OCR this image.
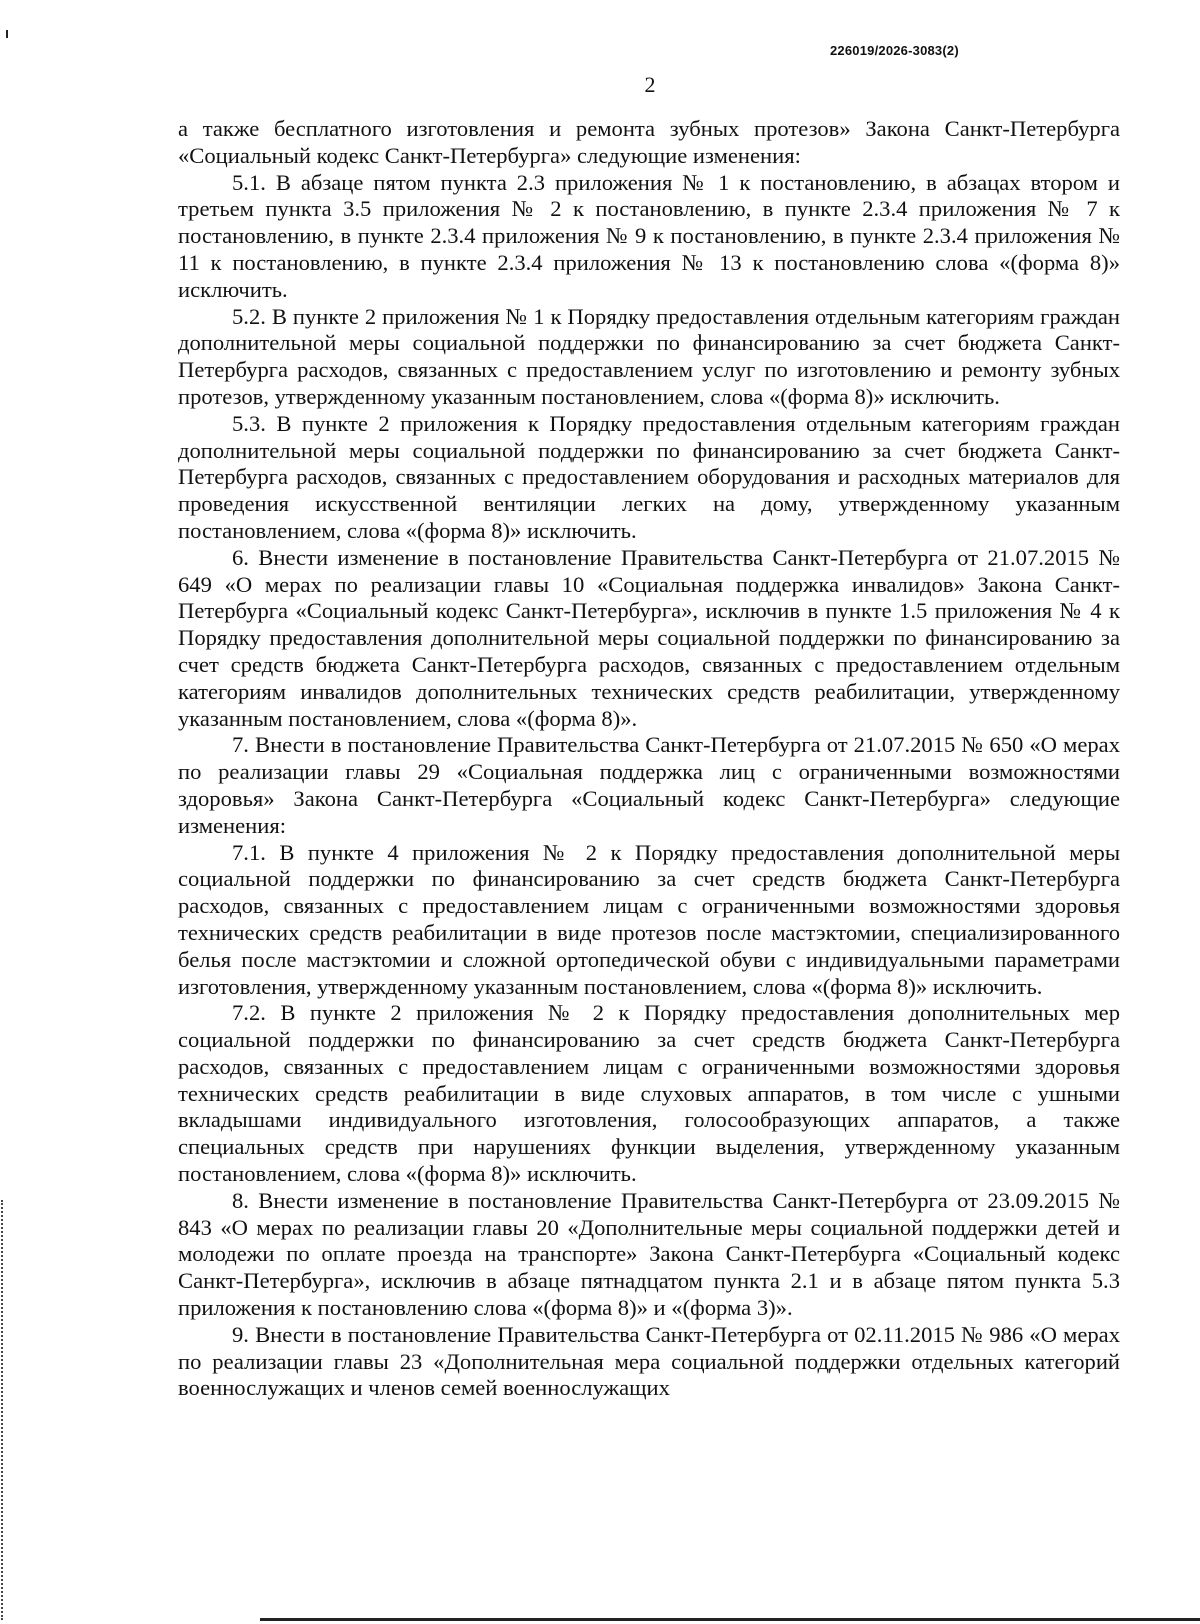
226019/2026-3083(2)
2

а также бесплатного изготовления и ремонта зубных протезов» Закона Санкт-Петербурга «Социальный кодекс Санкт-Петербурга» следующие изменения:

5.1. В абзаце пятом пункта 2.3 приложения № 1 к постановлению, в абзацах втором и третьем пункта 3.5 приложения № 2 к постановлению, в пункте 2.3.4 приложения № 7 к постановлению, в пункте 2.3.4 приложения № 9 к постановлению, в пункте 2.3.4 приложения № 11 к постановлению, в пункте 2.3.4 приложения № 13 к постановлению слова «(форма 8)» исключить.

5.2. В пункте 2 приложения № 1 к Порядку предоставления отдельным категориям граждан дополнительной меры социальной поддержки по финансированию за счет бюджета Санкт-Петербурга расходов, связанных с предоставлением услуг по изготовлению и ремонту зубных протезов, утвержденному указанным постановлением, слова «(форма 8)» исключить.

5.3. В пункте 2 приложения к Порядку предоставления отдельным категориям граждан дополнительной меры социальной поддержки по финансированию за счет бюджета Санкт-Петербурга расходов, связанных с предоставлением оборудования и расходных материалов для проведения искусственной вентиляции легких на дому, утвержденному указанным постановлением, слова «(форма 8)» исключить.

6. Внести изменение в постановление Правительства Санкт-Петербурга от 21.07.2015 № 649 «О мерах по реализации главы 10 «Социальная поддержка инвалидов» Закона Санкт-Петербурга «Социальный кодекс Санкт-Петербурга», исключив в пункте 1.5 приложения № 4 к Порядку предоставления дополнительной меры социальной поддержки по финансированию за счет средств бюджета Санкт-Петербурга расходов, связанных с предоставлением отдельным категориям инвалидов дополнительных технических средств реабилитации, утвержденному указанным постановлением, слова «(форма 8)».

7. Внести в постановление Правительства Санкт-Петербурга от 21.07.2015 № 650 «О мерах по реализации главы 29 «Социальная поддержка лиц с ограниченными возможностями здоровья» Закона Санкт-Петербурга «Социальный кодекс Санкт-Петербурга» следующие изменения:

7.1. В пункте 4 приложения № 2 к Порядку предоставления дополнительной меры социальной поддержки по финансированию за счет средств бюджета Санкт-Петербурга расходов, связанных с предоставлением лицам с ограниченными возможностями здоровья технических средств реабилитации в виде протезов после мастэктомии, специализированного белья после мастэктомии и сложной ортопедической обуви с индивидуальными параметрами изготовления, утвержденному указанным постановлением, слова «(форма 8)» исключить.

7.2. В пункте 2 приложения № 2 к Порядку предоставления дополнительных мер социальной поддержки по финансированию за счет средств бюджета Санкт-Петербурга расходов, связанных с предоставлением лицам с ограниченными возможностями здоровья технических средств реабилитации в виде слуховых аппаратов, в том числе с ушными вкладышами индивидуального изготовления, голосообразующих аппаратов, а также специальных средств при нарушениях функции выделения, утвержденному указанным постановлением, слова «(форма 8)» исключить.

8. Внести изменение в постановление Правительства Санкт-Петербурга от 23.09.2015 № 843 «О мерах по реализации главы 20 «Дополнительные меры социальной поддержки детей и молодежи по оплате проезда на транспорте» Закона Санкт-Петербурга «Социальный кодекс Санкт-Петербурга», исключив в абзаце пятнадцатом пункта 2.1 и в абзаце пятом пункта 5.3 приложения к постановлению слова «(форма 8)» и «(форма 3)».

9. Внести в постановление Правительства Санкт-Петербурга от 02.11.2015 № 986 «О мерах по реализации главы 23 «Дополнительная мера социальной поддержки отдельных категорий военнослужащих и членов семей военнослужащих
